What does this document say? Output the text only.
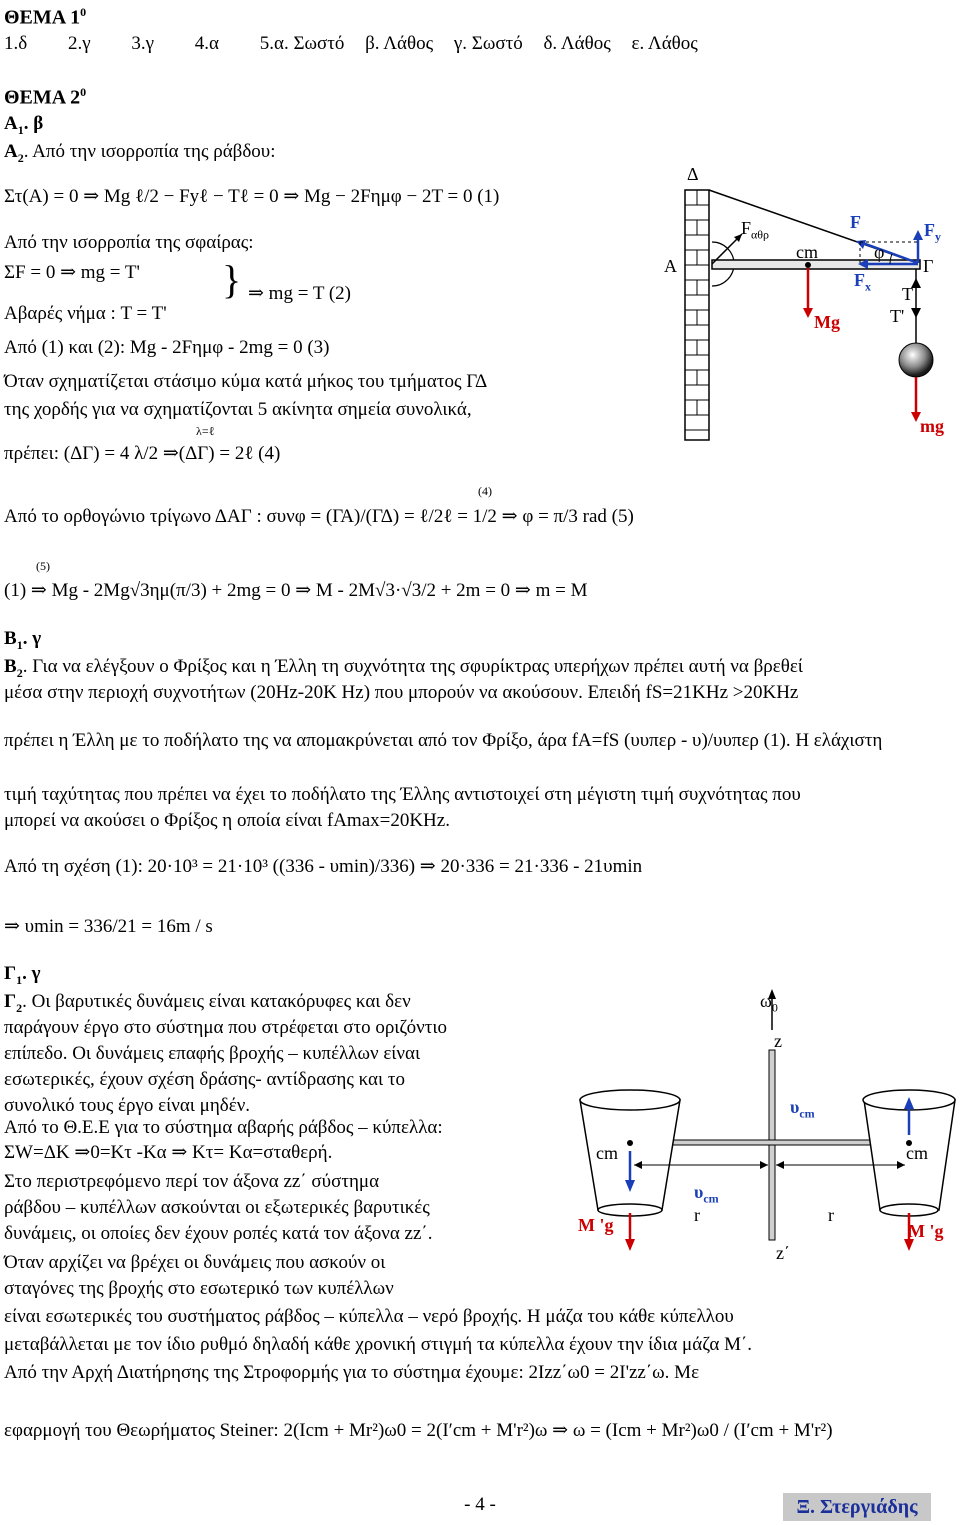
ΘΕΜΑ $1^0$
1.δ 2.γ 3.γ 4.α 5.α. Σωστό β. Λάθος γ. Σωστό δ. Λάθος ε. Λάθος
ΘΕΜΑ $2^0$
$A_1$. β
$A_2$. Από την ισορροπία της ράβδου:
Στ(Α) = 0 ⇒ Mg ℓ/2 − Fyℓ − Tℓ = 0 ⇒ Mg − 2Fημφ − 2T = 0 (1)
Από την ισορροπία της σφαίρας:
ΣF = 0 ⇒ mg = T' } ⇒ mg = T (2)
Αβαρές νήμα : T = T'
Από (1) και (2): Mg - 2Fημφ - 2mg = 0 (3)
Όταν σχηματίζεται στάσιμο κύμα κατά μήκος του τμήματος ΓΔ
της χορδής για να σχηματίζονται 5 ακίνητα σημεία συνολικά,
λ=ℓ
πρέπει: (ΔΓ) = 4 λ/2 ⇒(ΔΓ) = 2ℓ (4)
(4)
Από το ορθογώνιο τρίγωνο ΔΑΓ : συνφ = (ΓΑ)/(ΓΔ) = ℓ/2ℓ = 1/2 ⇒ φ = π/3 rad (5)
(5)
(1) ⇒ Mg - 2Mg√3ημ(π/3) + 2mg = 0 ⇒ M - 2M√3·√3/2 + 2m = 0 ⇒ m = M
$B_1$. γ
$B_2$. Για να ελέγξουν ο Φρίξος και η Έλλη τη συχνότητα της σφυρίκτρας υπερήχων πρέπει αυτή να βρεθεί
μέσα στην περιοχή συχνοτήτων (20Hz-20K Hz) που μπορούν να ακούσουν. Επειδή fS=21KHz >20KHz
πρέπει η Έλλη με το ποδήλατο της να απομακρύνεται από τον Φρίξο, άρα fA=fS (υυπερ - υ)/υυπερ (1). Η ελάχιστη
τιμή ταχύτητας που πρέπει να έχει το ποδήλατο της Έλλης αντιστοιχεί στη μέγιστη τιμή συχνότητας που
μπορεί να ακούσει ο Φρίξος η οποία είναι fAmax=20KHz.
Από τη σχέση (1): 20·10³ = 21·10³ ((336 - υmin)/336) ⇒ 20·336 = 21·336 - 21υmin
⇒ υmin = 336/21 = 16m / s
$\Gamma_1$. γ
$\Gamma_2$. Οι βαρυτικές δυνάμεις είναι κατακόρυφες και δεν
παράγουν έργο στο σύστημα που στρέφεται στο οριζόντιο
επίπεδο. Οι δυνάμεις επαφής βροχής – κυπέλλων είναι
εσωτερικές, έχουν σχέση δράσης- αντίδρασης και το
συνολικό τους έργο είναι μηδέν.
Από το Θ.Ε.Ε για το σύστημα αβαρής ράβδος – κύπελλα:
ΣW=ΔK ⇒0=Kτ -Kα ⇒ Kτ= Kα=σταθερή.
Στο περιστρεφόμενο περί τον άξονα zz΄ σύστημα
ράβδου – κυπέλλων ασκούνται οι εξωτερικές βαρυτικές
δυνάμεις, οι οποίες δεν έχουν ροπές κατά τον άξονα zz΄.
Όταν αρχίζει να βρέχει οι δυνάμεις που ασκούν οι
σταγόνες της βροχής στο εσωτερικό των κυπέλλων
είναι εσωτερικές του συστήματος ράβδος – κύπελλα – νερό βροχής. Η μάζα του κάθε κύπελλου
μεταβάλλεται με τον ίδιο ρυθμό δηλαδή κάθε χρονική στιγμή τα κύπελλα έχουν την ίδια μάζα Μ΄.
Από την Αρχή Διατήρησης της Στροφορμής για το σύστημα έχουμε: 2Izz΄ω0 = 2I'zz΄ω. Με
εφαρμογή του Θεωρήματος Steiner: 2(Icm + Mr²)ω0 = 2(I′cm + M'r²)ω ⇒ ω = (Icm + Mr²)ω0 / (I′cm + M'r²)
Δ
Α
$F_{\alpha\theta\rho}$
cm
Mg
F	$F_y$
$F_x$
φ
Γ
T
T'
mg
$\omega_0$
z
z΄
$\upsilon_{cm}$
$\upsilon_{cm}$
cm	cm
r	r
M 'g	M 'g
- 4 -	Ξ. Στεργιάδης
